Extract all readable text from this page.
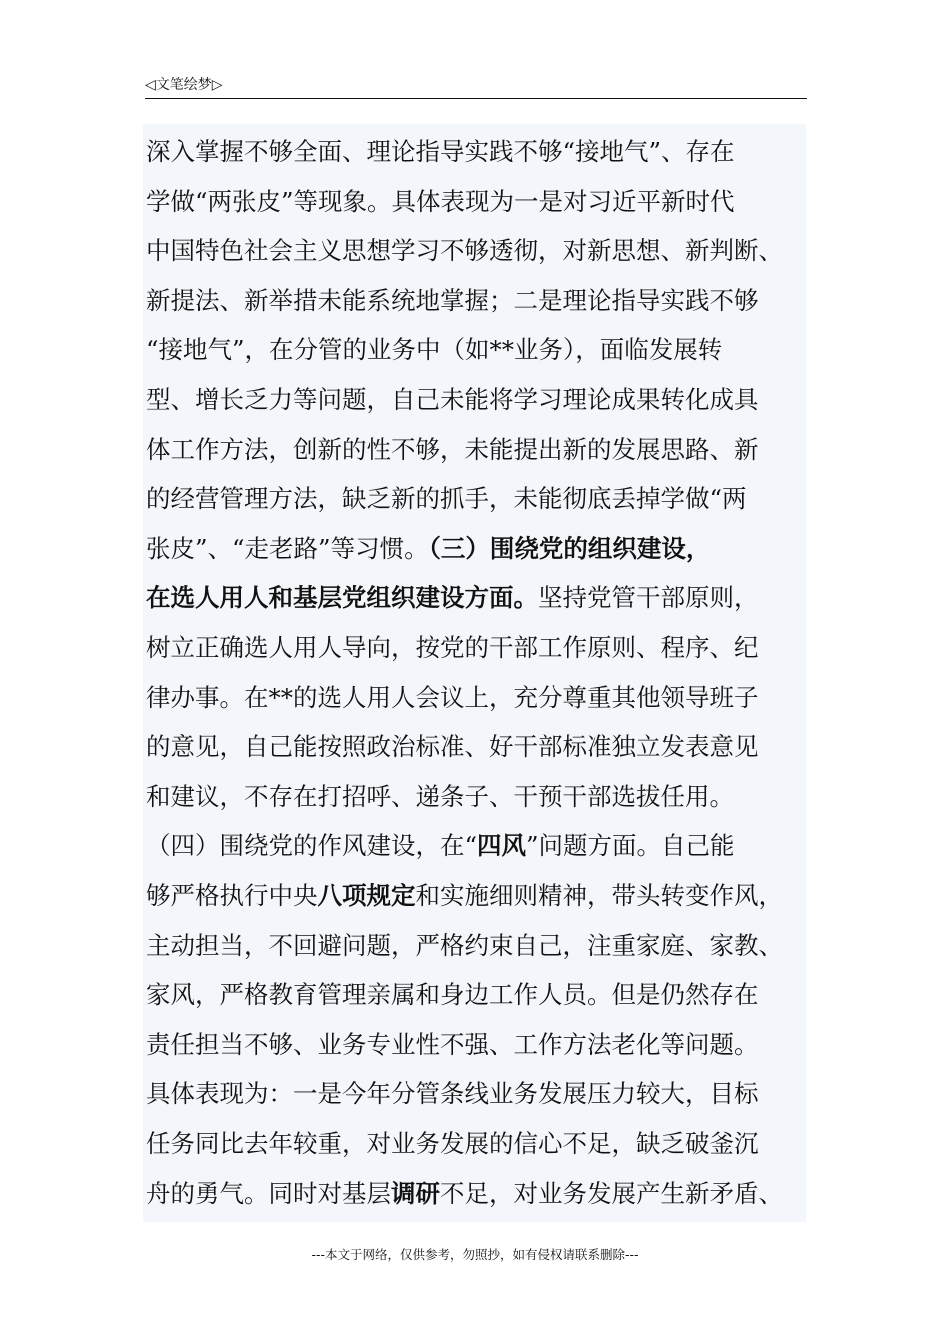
◁文笔绘梦▷
深入掌握不够全面、理论指导实践不够“接地气”、存在
学做“两张皮”等现象。具体表现为一是对习近平新时代
中国特色社会主义思想学习不够透彻，对新思想、新判断、
新提法、新举措未能系统地掌握；二是理论指导实践不够
“接地气”，在分管的业务中（如**业务），面临发展转
型、增长乏力等问题，自己未能将学习理论成果转化成具
体工作方法，创新的性不够，未能提出新的发展思路、新
的经营管理方法，缺乏新的抓手，未能彻底丢掉学做“两
张皮”、“走老路”等习惯。（三）围绕党的组织建设，
在选人用人和基层党组织建设方面。坚持党管干部原则，
树立正确选人用人导向，按党的干部工作原则、程序、纪
律办事。在**的选人用人会议上，充分尊重其他领导班子
的意见，自己能按照政治标准、好干部标准独立发表意见
和建议，不存在打招呼、递条子、干预干部选拔任用。
（四）围绕党的作风建设，在“四风”问题方面。自己能
够严格执行中央八项规定和实施细则精神，带头转变作风，
主动担当，不回避问题，严格约束自己，注重家庭、家教、
家风，严格教育管理亲属和身边工作人员。但是仍然存在
责任担当不够、业务专业性不强、工作方法老化等问题。
具体表现为：一是今年分管条线业务发展压力较大，目标
任务同比去年较重，对业务发展的信心不足，缺乏破釜沉
舟的勇气。同时对基层调研不足，对业务发展产生新矛盾、
---本文于网络，仅供参考，勿照抄，如有侵权请联系删除---
